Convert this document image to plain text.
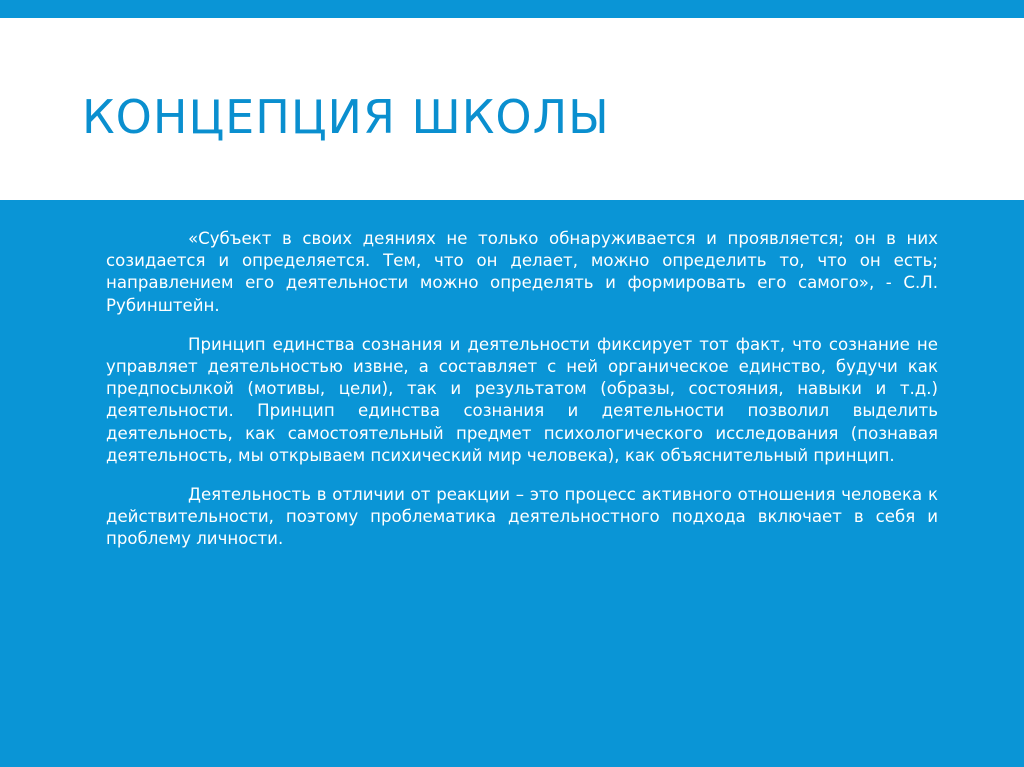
КОНЦЕПЦИЯ ШКОЛЫ

«Субъект в своих деяниях не только обнаруживается и проявляется; он в них созидается и определяется. Тем, что он делает, можно определить то, что он есть; направлением его деятельности можно определять и формировать его самого», - С.Л. Рубинштейн.

Принцип единства сознания и деятельности фиксирует тот факт, что сознание не управляет деятельностью извне, а составляет с ней органическое единство, будучи как предпосылкой (мотивы, цели), так и результатом (образы, состояния, навыки и т.д.) деятельности. Принцип единства сознания и деятельности позволил выделить деятельность, как самостоятельный предмет психологического исследования (познавая деятельность, мы открываем психический мир человека), как объяснительный принцип.

Деятельность в отличии от реакции – это процесс активного отношения человека к действительности, поэтому проблематика деятельностного подхода включает в себя и проблему личности.
